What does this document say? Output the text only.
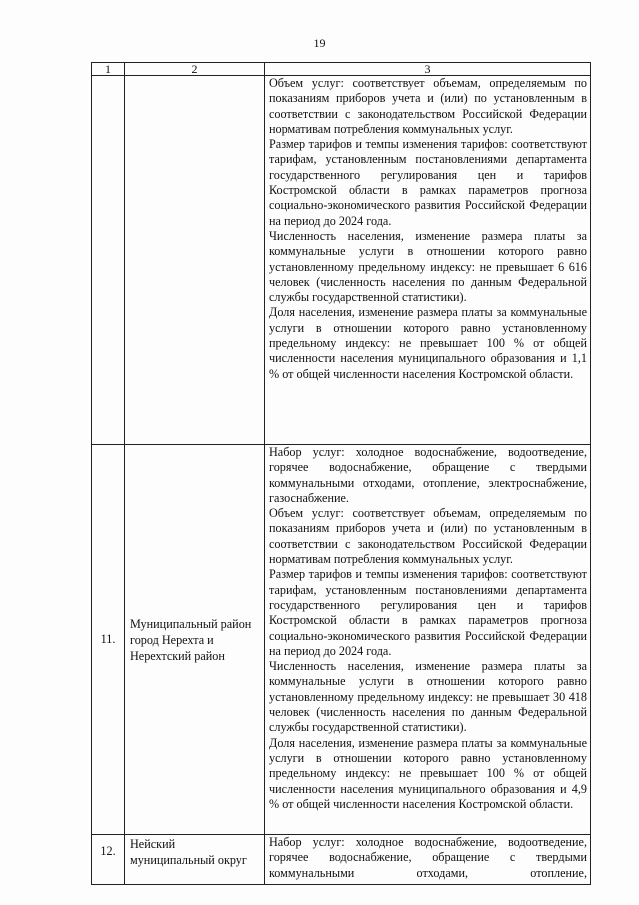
19
1	2	3

		Объем услуг: соответствует объемам, определяемым по показаниям приборов учета и (или) по установленным в соответствии с законодательством Российской Федерации нормативам потребления коммунальных услуг.

Размер тарифов и темпы изменения тарифов: соответствуют тарифам, установленным постановлениями департамента государственного регулирования цен и тарифов Костромской области в рамках параметров прогноза социально-экономического развития Российской Федерации на период до 2024 года.

Численность населения, изменение размера платы за коммунальные услуги в отношении которого равно установленному предельному индексу: не превышает 6 616 человек (численность населения по данным Федеральной службы государственной статистики).

Доля населения, изменение размера платы за коммунальные услуги в отношении которого равно установленному предельному индексу: не превышает 100 % от общей численности населения муниципального образования и 1,1 % от общей численности населения Костромской области.

11.	Муниципальный район город Нерехта и Нерехтский район	Набор услуг: холодное водоснабжение, водоотведение, горячее водоснабжение, обращение с твердыми коммунальными отходами, отопление, электроснабжение, газоснабжение.

Объем услуг: соответствует объемам, определяемым по показаниям приборов учета и (или) по установленным в соответствии с законодательством Российской Федерации нормативам потребления коммунальных услуг.

Размер тарифов и темпы изменения тарифов: соответствуют тарифам, установленным постановлениями департамента государственного регулирования цен и тарифов Костромской области в рамках параметров прогноза социально-экономического развития Российской Федерации на период до 2024 года.

Численность населения, изменение размера платы за коммунальные услуги в отношении которого равно установленному предельному индексу: не превышает 30 418 человек (численность населения по данным Федеральной службы государственной статистики).

Доля населения, изменение размера платы за коммунальные услуги в отношении которого равно установленному предельному индексу: не превышает 100 % от общей численности населения муниципального образования и 4,9 % от общей численности населения Костромской области.

12.	Нейский муниципальный округ	Набор услуг: холодное водоснабжение, водоотведение, горячее водоснабжение, обращение с твердыми коммунальными отходами, отопление,
